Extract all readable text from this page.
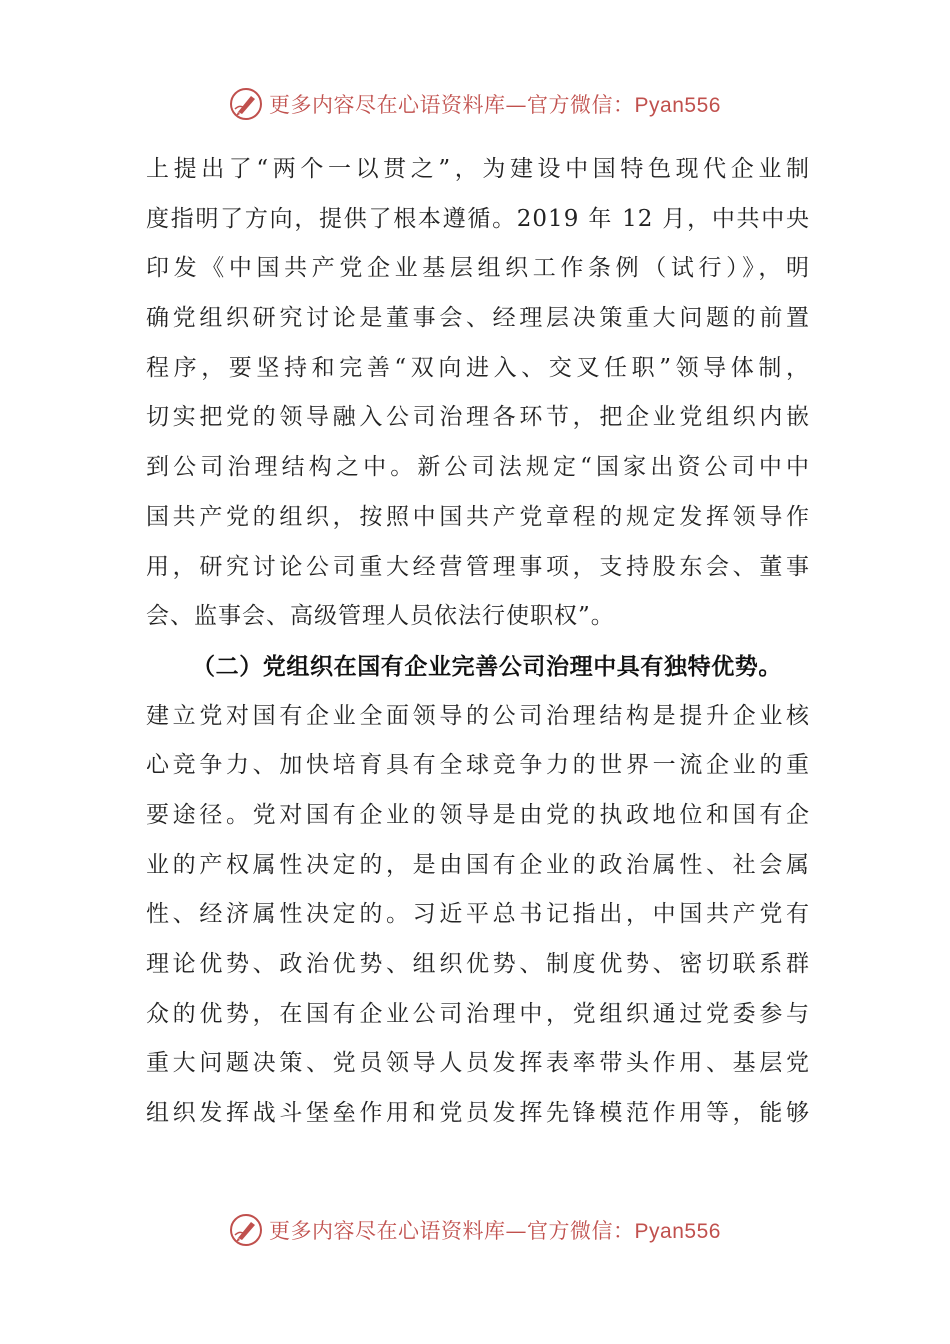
更多内容尽在心语资料库—官方微信：Pyan556
上提出了“两个一以贯之”，为建设中国特色现代企业制
度指明了方向，提供了根本遵循。2019 年 12 月，中共中央
印发《中国共产党企业基层组织工作条例（试行）》，明
确党组织研究讨论是董事会、经理层决策重大问题的前置
程序，要坚持和完善“双向进入、交叉任职”领导体制，
切实把党的领导融入公司治理各环节，把企业党组织内嵌
到公司治理结构之中。新公司法规定“国家出资公司中中
国共产党的组织，按照中国共产党章程的规定发挥领导作
用，研究讨论公司重大经营管理事项，支持股东会、董事
会、监事会、高级管理人员依法行使职权”。
（二）党组织在国有企业完善公司治理中具有独特优势。
建立党对国有企业全面领导的公司治理结构是提升企业核
心竞争力、加快培育具有全球竞争力的世界一流企业的重
要途径。党对国有企业的领导是由党的执政地位和国有企
业的产权属性决定的，是由国有企业的政治属性、社会属
性、经济属性决定的。习近平总书记指出，中国共产党有
理论优势、政治优势、组织优势、制度优势、密切联系群
众的优势，在国有企业公司治理中，党组织通过党委参与
重大问题决策、党员领导人员发挥表率带头作用、基层党
组织发挥战斗堡垒作用和党员发挥先锋模范作用等，能够
更多内容尽在心语资料库—官方微信：Pyan556
